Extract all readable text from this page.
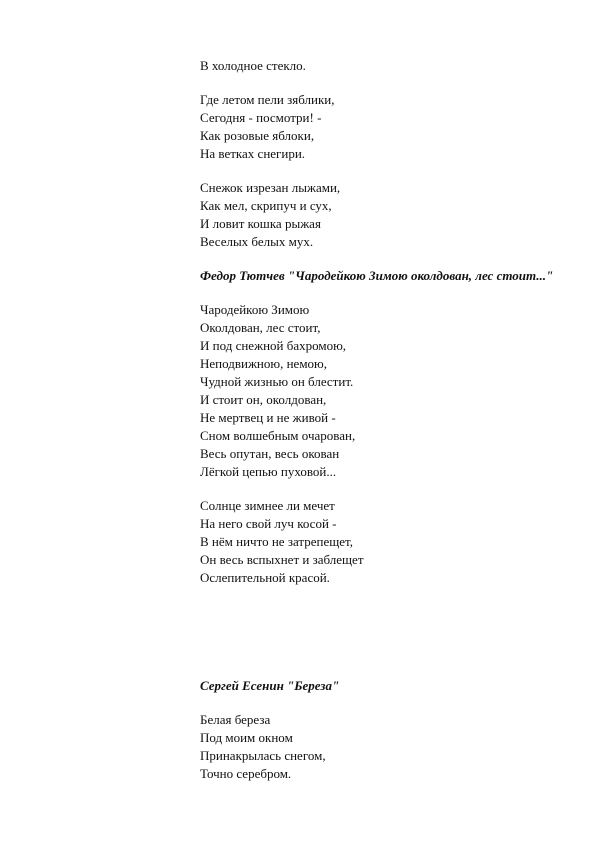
В холодное стекло.
Где летом пели зяблики,
Сегодня - посмотри! -
Как розовые яблоки,
На ветках снегири.
Снежок изрезан лыжами,
Как мел, скрипуч и сух,
И ловит кошка рыжая
Веселых белых мух.
Федор Тютчев "Чародейкою Зимою околдован, лес стоит..."
Чародейкою Зимою
Околдован, лес стоит,
И под снежной бахромою,
Неподвижною, немою,
Чудной жизнью он блестит.
И стоит он, околдован,
Не мертвец и не живой -
Сном волшебным очарован,
Весь опутан, весь окован
Лёгкой цепью пуховой...
Солнце зимнее ли мечет
На него свой луч косой -
В нём ничто не затрепещет,
Он весь вспыхнет и заблещет
Ослепительной красой.
Сергей Есенин "Береза"
Белая береза
Под моим окном
Принакрылась снегом,
Точно серебром.
